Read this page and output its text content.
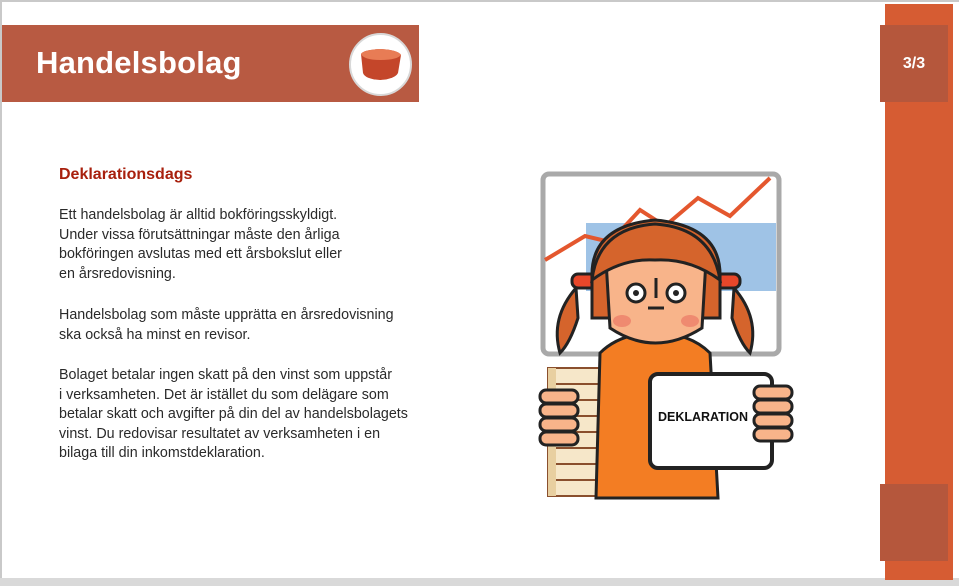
Handelsbolag	3/3
Deklarationsdags
Ett handelsbolag är alltid bokföringsskyldigt.
Under vissa förutsättningar måste den årliga
bokföringen avslutas med ett årsbokslut eller
en årsredovisning.
Handelsbolag som måste upprätta en årsredovisning
ska också ha minst en revisor.
Bolaget betalar ingen skatt på den vinst som uppstår
i verksamheten. Det är istället du som delägare som
betalar skatt och avgifter på din del av handelsbolagets
vinst. Du redovisar resultatet av verksamheten i en
bilaga till din inkomstdeklaration.
DEKLARATION
